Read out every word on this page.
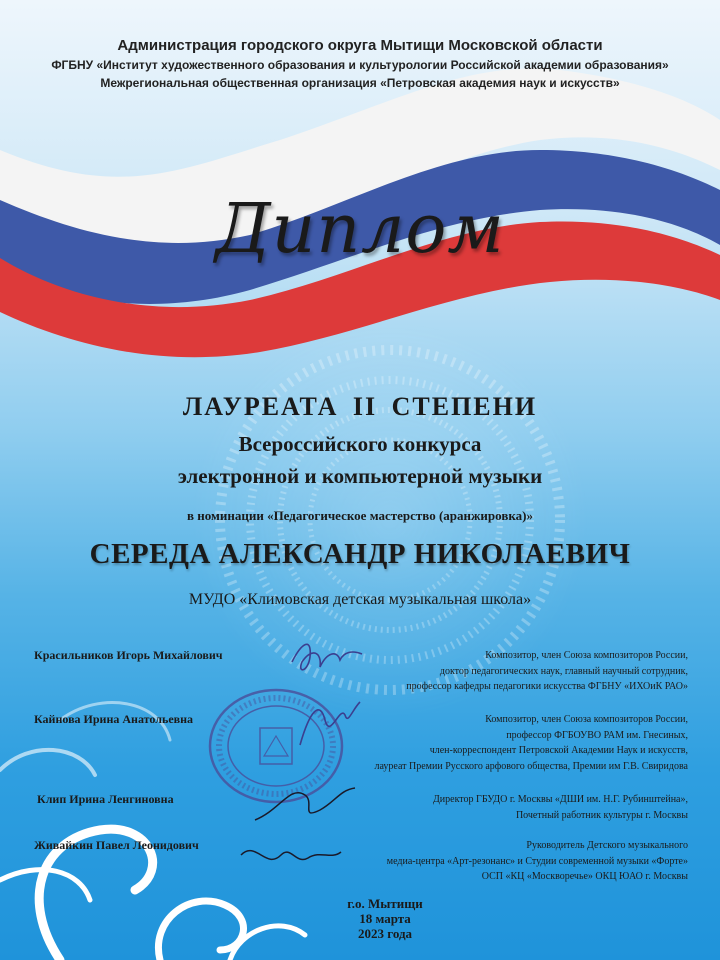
Администрация городского округа Мытищи Московской области
ФГБНУ «Институт художественного образования и культурологии Российской академии образования»
Межрегиональная общественная организация «Петровская академия наук и искусств»
Диплом
ЛАУРЕАТА II СТЕПЕНИ
Всероссийского конкурса
электронной и компьютерной музыки
в номинации «Педагогическое мастерство (аранжировка)»
СЕРЕДА АЛЕКСАНДР НИКОЛАЕВИЧ
МУДО «Климовская детская музыкальная школа»
Красильников Игорь Михайлович	Композитор, член Союза композиторов России,
доктор педагогических наук, главный научный сотрудник,
профессор кафедры педагогики искусства ФГБНУ «ИХОиК РАО»
Кайнова Ирина Анатольевна	Композитор, член Союза композиторов России,
профессор ФГБОУВО РАМ им. Гнесиных,
член-корреспондент Петровской Академии Наук и искусств,
лауреат Премии Русского арфового общества, Премии им Г.В. Свиридова
Клип Ирина Ленгиновна	Директор ГБУДО г. Москвы «ДШИ им. Н.Г. Рубинштейна»,
Почетный работник культуры г. Москвы
Живайкин Павел Леонидович	Руководитель Детского музыкального
медиа-центра «Арт-резонанс» и Студии современной музыки «Форте»
ОСП «КЦ «Москворечье» ОКЦ ЮАО г. Москвы
г.о. Мытищи
18 марта
2023 года
